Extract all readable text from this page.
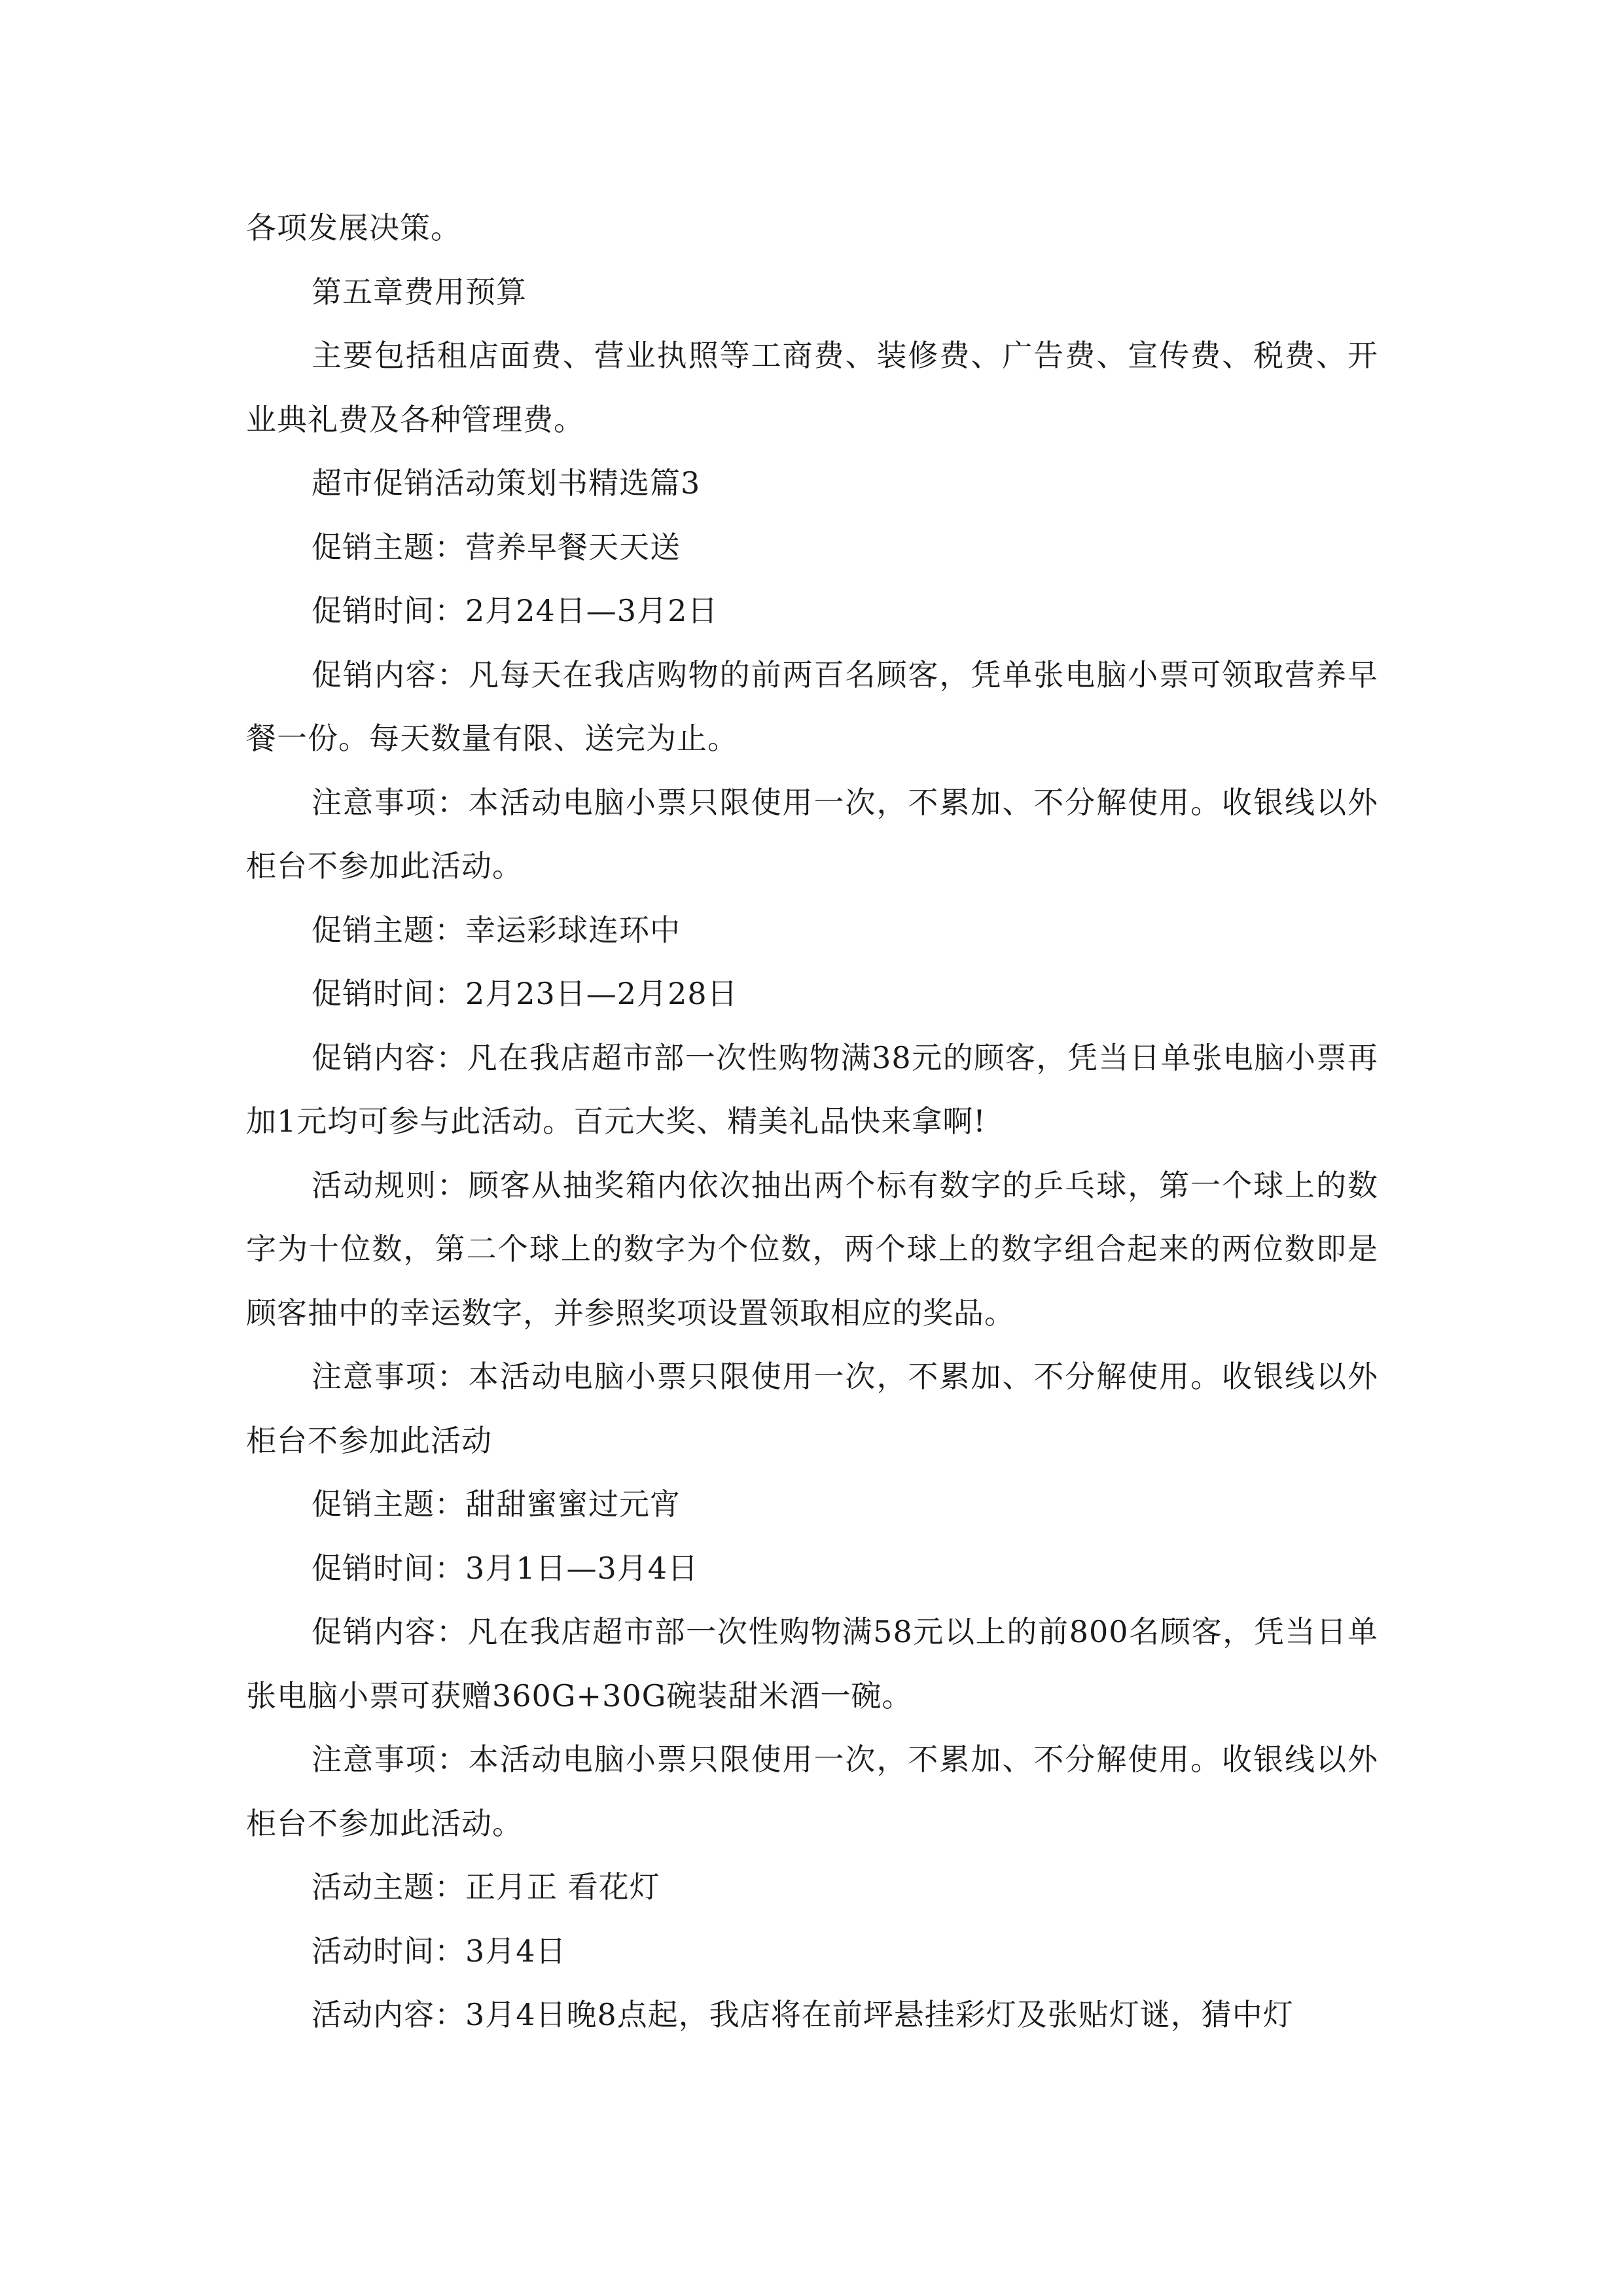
各项发展决策。

第五章费用预算

主要包括租店面费、营业执照等工商费、装修费、广告费、宣传费、税费、开业典礼费及各种管理费。

超市促销活动策划书精选篇3

促销主题：营养早餐天天送

促销时间：2月24日—3月2日

促销内容：凡每天在我店购物的前两百名顾客，凭单张电脑小票可领取营养早餐一份。每天数量有限、送完为止。

注意事项：本活动电脑小票只限使用一次，不累加、不分解使用。收银线以外柜台不参加此活动。

促销主题：幸运彩球连环中

促销时间：2月23日—2月28日

促销内容：凡在我店超市部一次性购物满38元的顾客，凭当日单张电脑小票再加1元均可参与此活动。百元大奖、精美礼品快来拿啊!

活动规则：顾客从抽奖箱内依次抽出两个标有数字的乒乓球，第一个球上的数字为十位数，第二个球上的数字为个位数，两个球上的数字组合起来的两位数即是顾客抽中的幸运数字，并参照奖项设置领取相应的奖品。

注意事项：本活动电脑小票只限使用一次，不累加、不分解使用。收银线以外柜台不参加此活动

促销主题：甜甜蜜蜜过元宵

促销时间：3月1日—3月4日

促销内容：凡在我店超市部一次性购物满58元以上的前800名顾客，凭当日单张电脑小票可获赠360G+30G碗装甜米酒一碗。

注意事项：本活动电脑小票只限使用一次，不累加、不分解使用。收银线以外柜台不参加此活动。

活动主题：正月正 看花灯

活动时间：3月4日

活动内容：3月4日晚8点起，我店将在前坪悬挂彩灯及张贴灯谜，猜中灯
